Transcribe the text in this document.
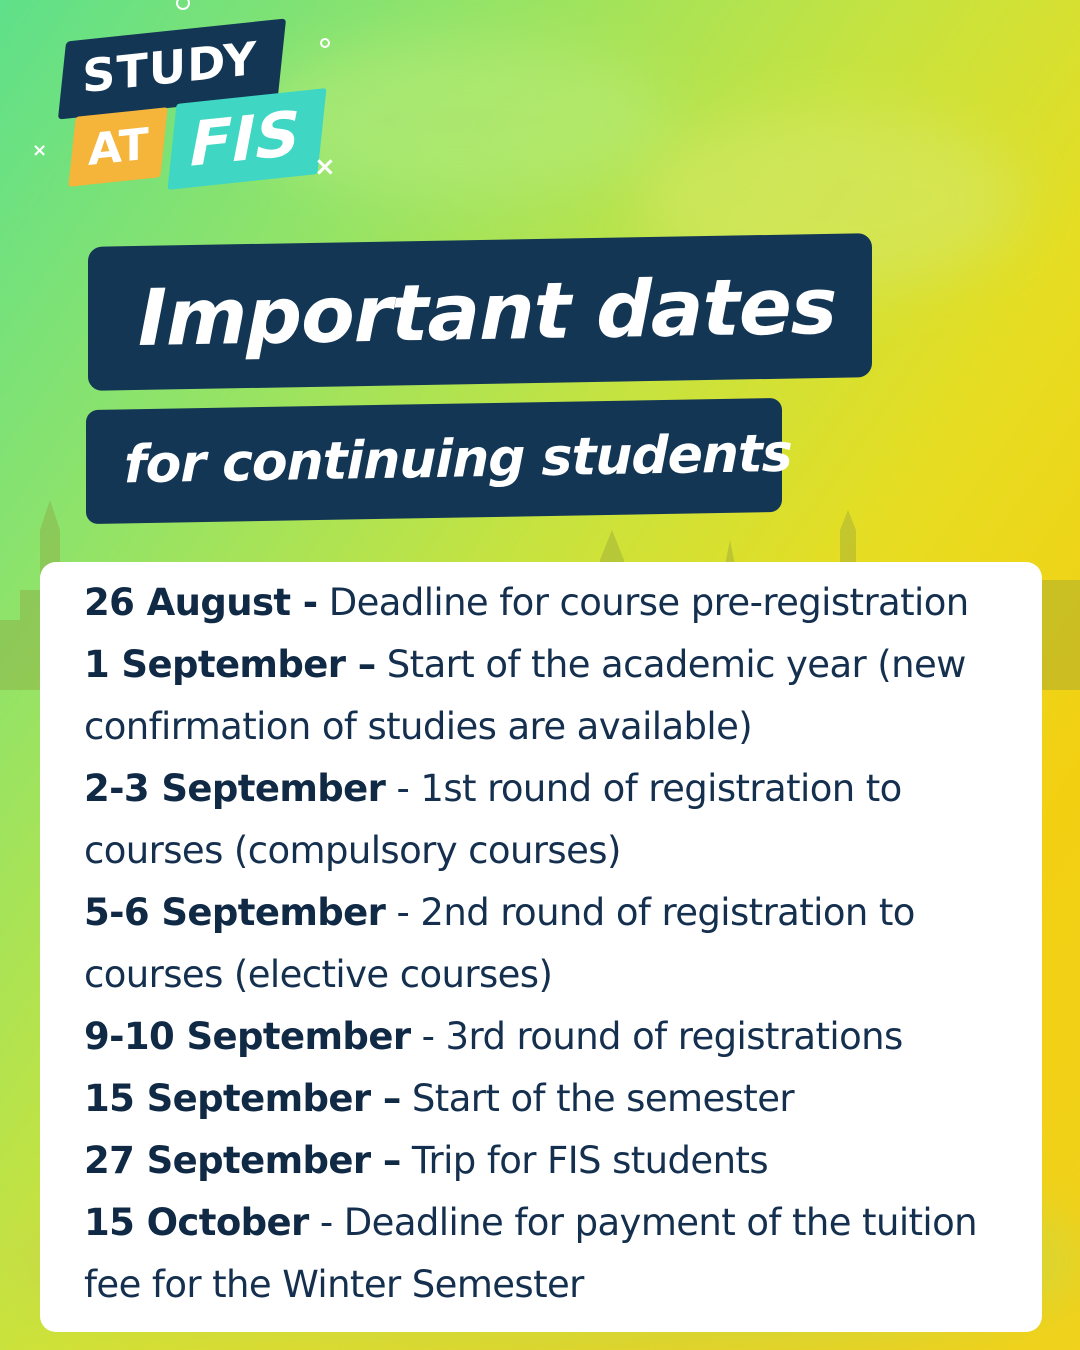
STUDY
AT FIS
×
×
Important dates
for continuing students
26 August - Deadline for course pre-registration
1 September – Start of the academic year (new confirmation of studies are available)
2-3 September - 1st round of registration to courses (compulsory courses)
5-6 September - 2nd round of registration to courses (elective courses)
9-10 September - 3rd round of registrations
15 September – Start of the semester
27 September – Trip for FIS students
15 October - Deadline for payment of the tuition fee for the Winter Semester
